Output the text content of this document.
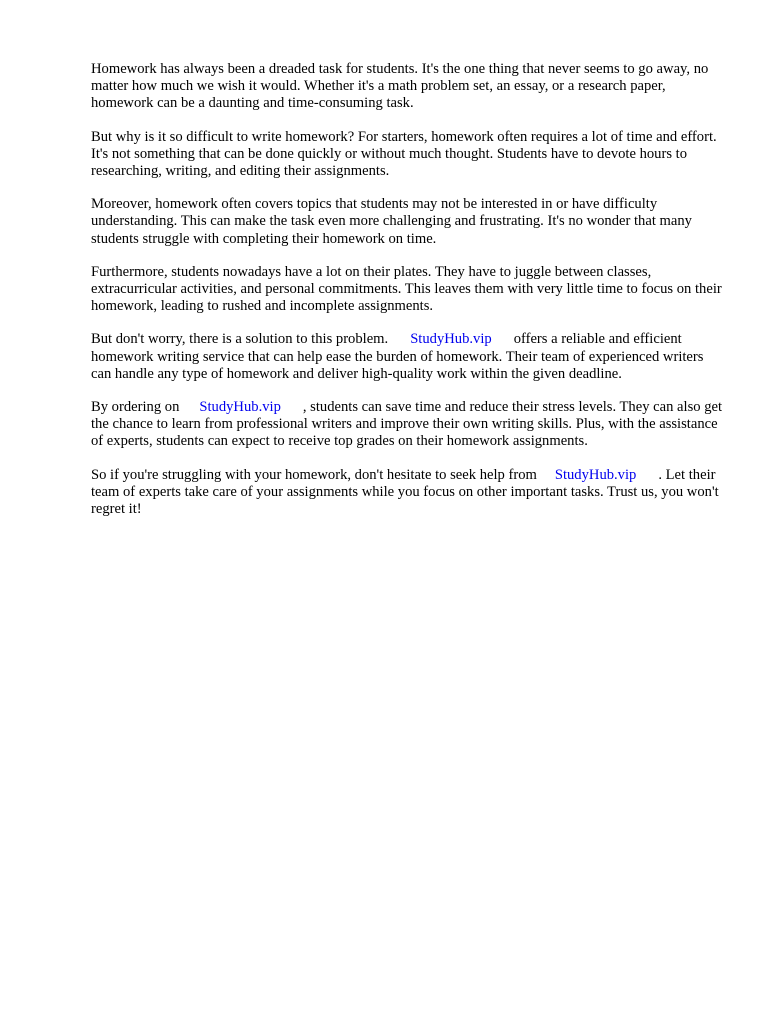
Homework has always been a dreaded task for students. It's the one thing that never seems to go away, no matter how much we wish it would. Whether it's a math problem set, an essay, or a research paper, homework can be a daunting and time-consuming task.

But why is it so difficult to write homework? For starters, homework often requires a lot of time and effort. It's not something that can be done quickly or without much thought. Students have to devote hours to researching, writing, and editing their assignments.

Moreover, homework often covers topics that students may not be interested in or have difficulty understanding. This can make the task even more challenging and frustrating. It's no wonder that many students struggle with completing their homework on time.

Furthermore, students nowadays have a lot on their plates. They have to juggle between classes, extracurricular activities, and personal commitments. This leaves them with very little time to focus on their homework, leading to rushed and incomplete assignments.

But don't worry, there is a solution to this problem. StudyHub.vip offers a reliable and efficient homework writing service that can help ease the burden of homework. Their team of experienced writers can handle any type of homework and deliver high-quality work within the given deadline.

By ordering on StudyHub.vip , students can save time and reduce their stress levels. They can also get the chance to learn from professional writers and improve their own writing skills. Plus, with the assistance of experts, students can expect to receive top grades on their homework assignments.

So if you're struggling with your homework, don't hesitate to seek help from StudyHub.vip . Let their team of experts take care of your assignments while you focus on other important tasks. Trust us, you won't regret it!
